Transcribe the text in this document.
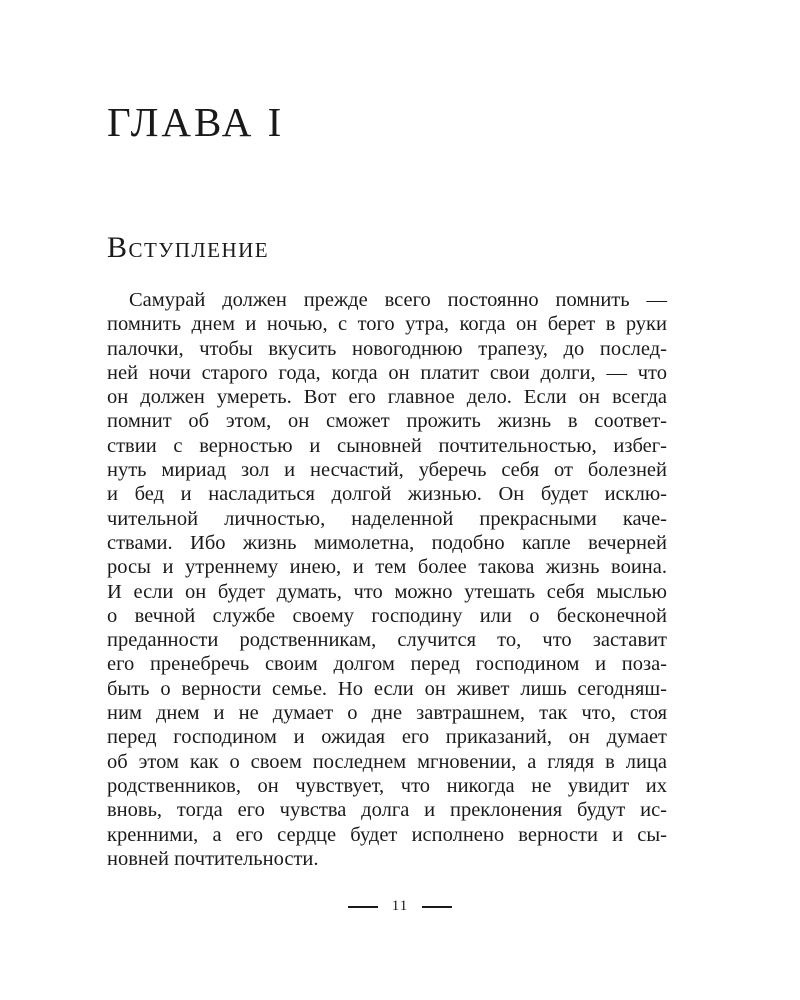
ГЛАВА I
Вступление
Самурай должен прежде всего постоянно помнить —
помнить днем и ночью, с того утра, когда он берет в руки
палочки, чтобы вкусить новогоднюю трапезу, до послед-
ней ночи старого года, когда он платит свои долги, — что
он должен умереть. Вот его главное дело. Если он всегда
помнит об этом, он сможет прожить жизнь в соответ-
ствии с верностью и сыновней почтительностью, избег-
нуть мириад зол и несчастий, уберечь себя от болезней
и бед и насладиться долгой жизнью. Он будет исклю-
чительной личностью, наделенной прекрасными каче-
ствами. Ибо жизнь мимолетна, подобно капле вечерней
росы и утреннему инею, и тем более такова жизнь воина.
И если он будет думать, что можно утешать себя мыслью
о вечной службе своему господину или о бесконечной
преданности родственникам, случится то, что заставит
его пренебречь своим долгом перед господином и поза-
быть о верности семье. Но если он живет лишь сегодняш-
ним днем и не думает о дне завтрашнем, так что, стоя
перед господином и ожидая его приказаний, он думает
об этом как о своем последнем мгновении, а глядя в лица
родственников, он чувствует, что никогда не увидит их
вновь, тогда его чувства долга и преклонения будут ис-
кренними, а его сердце будет исполнено верности и сы-
новней почтительности.
11
